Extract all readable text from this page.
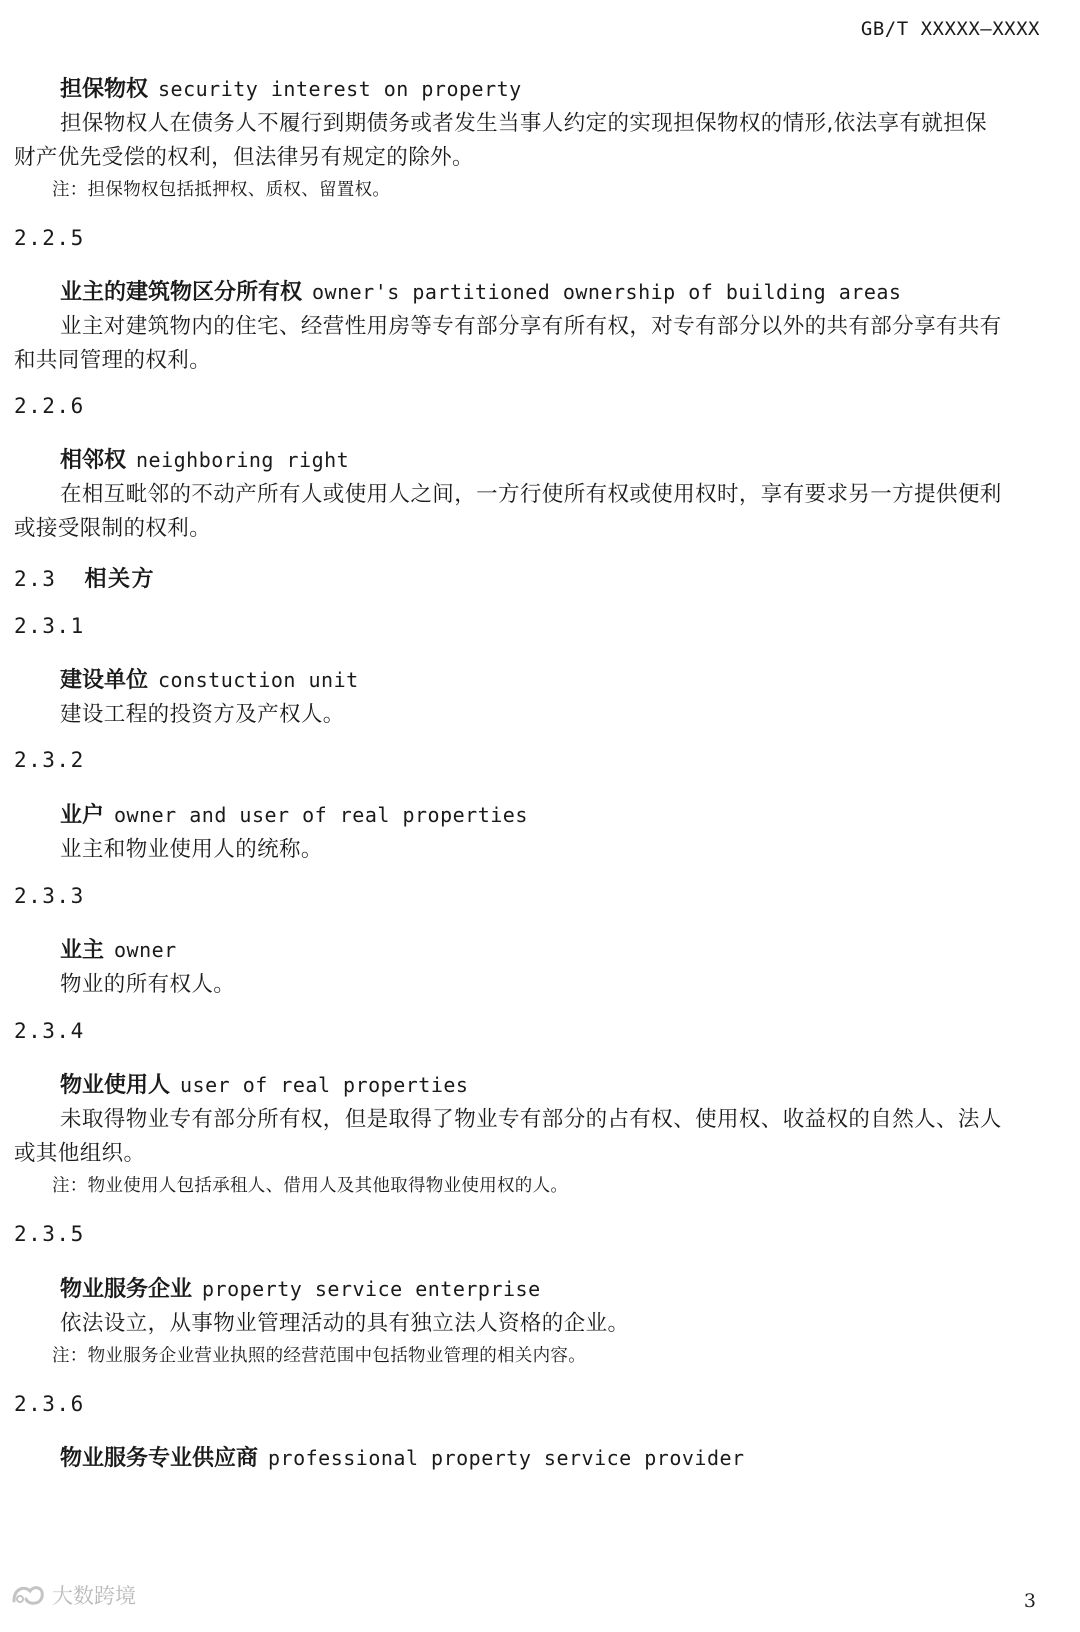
GB/T XXXXX—XXXX
担保物权 security interest on property
担保物权人在债务人不履行到期债务或者发生当事人约定的实现担保物权的情形,依法享有就担保
财产优先受偿的权利，但法律另有规定的除外。
注：担保物权包括抵押权、质权、留置权。
2.2.5
业主的建筑物区分所有权 owner's partitioned ownership of building areas
业主对建筑物内的住宅、经营性用房等专有部分享有所有权，对专有部分以外的共有部分享有共有
和共同管理的权利。
2.2.6
相邻权 neighboring right
在相互毗邻的不动产所有人或使用人之间，一方行使所有权或使用权时，享有要求另一方提供便利
或接受限制的权利。
2.3 相关方
2.3.1
建设单位 constuction unit
建设工程的投资方及产权人。
2.3.2
业户 owner and user of real properties
业主和物业使用人的统称。
2.3.3
业主 owner
物业的所有权人。
2.3.4
物业使用人 user of real properties
未取得物业专有部分所有权，但是取得了物业专有部分的占有权、使用权、收益权的自然人、法人
或其他组织。
注：物业使用人包括承租人、借用人及其他取得物业使用权的人。
2.3.5
物业服务企业 property service enterprise
依法设立，从事物业管理活动的具有独立法人资格的企业。
注：物业服务企业营业执照的经营范围中包括物业管理的相关内容。
2.3.6
物业服务专业供应商 professional property service provider
大数跨境	3
